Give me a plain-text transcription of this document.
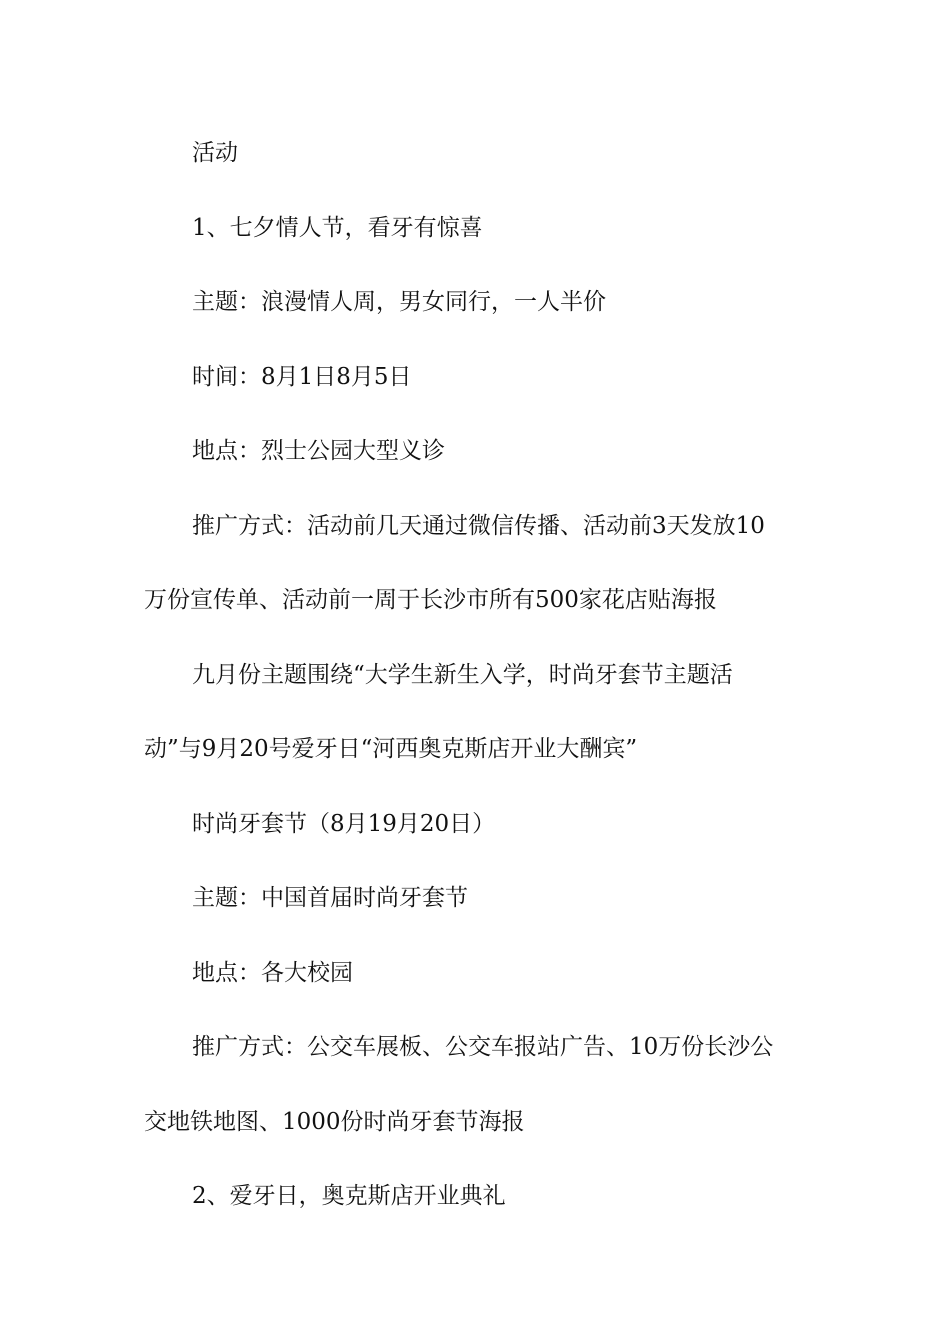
活动
1、七夕情人节，看牙有惊喜
主题：浪漫情人周，男女同行，一人半价
时间：8月1日8月5日
地点：烈士公园大型义诊
推广方式：活动前几天通过微信传播、活动前3天发放10
万份宣传单、活动前一周于长沙市所有500家花店贴海报
九月份主题围绕“大学生新生入学，时尚牙套节主题活
动”与9月20号爱牙日“河西奥克斯店开业大酬宾”
时尚牙套节（8月19月20日）
主题：中国首届时尚牙套节
地点：各大校园
推广方式：公交车展板、公交车报站广告、10万份长沙公
交地铁地图、1000份时尚牙套节海报
2、爱牙日，奥克斯店开业典礼
